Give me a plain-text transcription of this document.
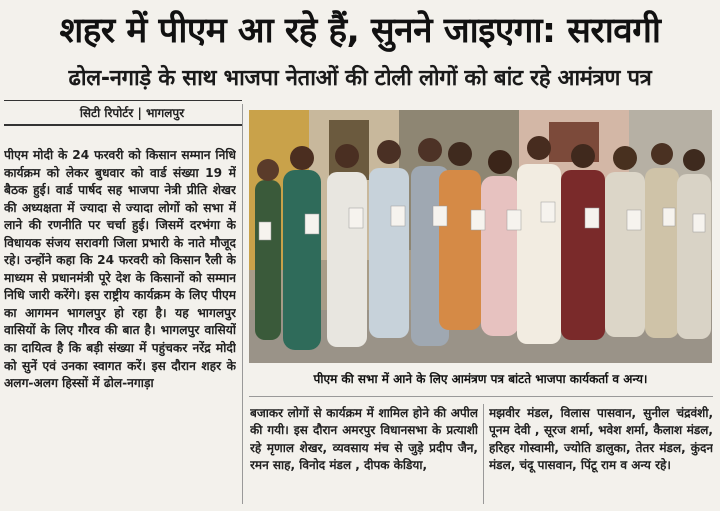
शहर में पीएम आ रहे हैं, सुनने जाइएगा: सरावगी
ढोल-नगाड़े के साथ भाजपा नेताओं की टोली लोगों को बांट रहे आमंत्रण पत्र
सिटी रिपोर्टर | भागलपुर
पीएम मोदी के 24 फरवरी को किसान सम्मान निधि कार्यक्रम को लेकर बुधवार को वार्ड संख्या 19 में बैठक हुई। वार्ड पार्षद सह भाजपा नेत्री प्रीति शेखर की अध्यक्षता में ज्यादा से ज्यादा लोगों को सभा में लाने की रणनीति पर चर्चा हुई। जिसमें दरभंगा के विधायक संजय सरावगी जिला प्रभारी के नाते मौजूद रहे। उन्होंने कहा कि 24 फरवरी को किसान रैली के माध्यम से प्रधानमंत्री पूरे देश के किसानों को सम्मान निधि जारी करेंगे। इस राष्ट्रीय कार्यक्रम के लिए पीएम का आगमन भागलपुर हो रहा है। यह भागलपुर वासियों के लिए गौरव की बात है। भागलपुर वासियों का दायित्व है कि बड़ी संख्या में पहुंचकर नरेंद्र मोदी को सुनें एवं उनका स्वागत करें। इस दौरान शहर के अलग-अलग हिस्सों में ढोल-नगाड़ा	पीएम की सभा में आने के लिए आमंत्रण पत्र बांटते भाजपा कार्यकर्ता व अन्य।
बजाकर लोगों से कार्यक्रम में शामिल होने की अपील की गयी। इस दौरान अमरपुर विधानसभा के प्रत्याशी रहे मृणाल शेखर, व्यवसाय मंच से जुड़े प्रदीप जैन, रमन साह, विनोद मंडल , दीपक केडिया,
मझवीर मंडल, विलास पासवान, सुनील चंद्रवंशी, पूनम देवी , सूरज शर्मा, भवेश शर्मा, कैलाश मंडल, हरिहर गोस्वामी, ज्योति डालुका, तेतर मंडल, कुंदन मंडल, चंदू पासवान, पिंटू राम व अन्य रहे।
